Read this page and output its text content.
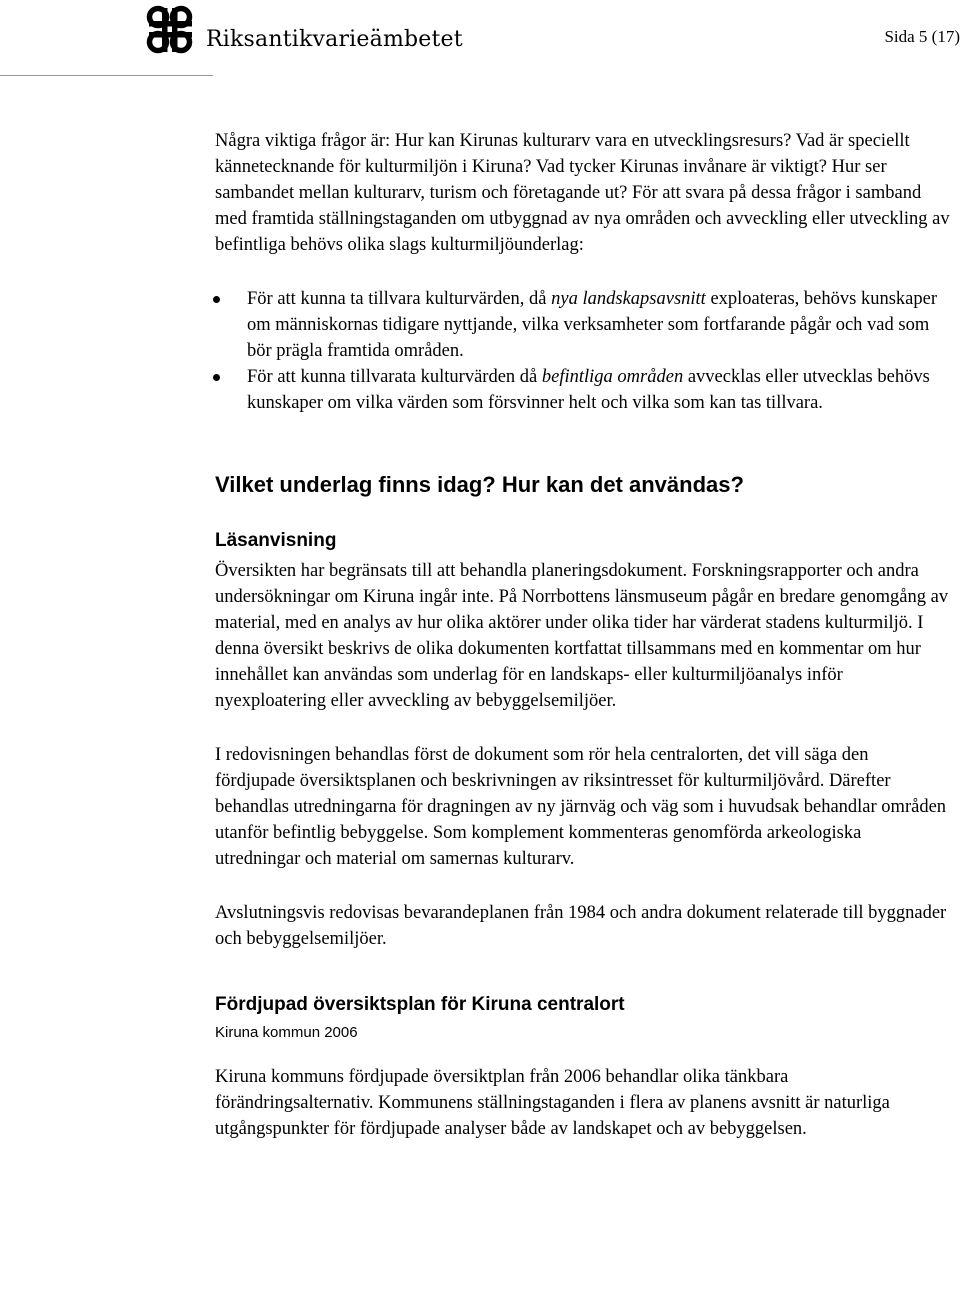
Riksantikvarieämbetet	Sida 5 (17)

Några viktiga frågor är: Hur kan Kirunas kulturarv vara en utvecklingsresurs? Vad är speciellt kännetecknande för kulturmiljön i Kiruna? Vad tycker Kirunas invånare är viktigt? Hur ser sambandet mellan kulturarv, turism och företagande ut? För att svara på dessa frågor i samband med framtida ställningstaganden om utbyggnad av nya områden och avveckling eller utveckling av befintliga behövs olika slags kulturmiljöunderlag:

För att kunna ta tillvara kulturvärden, då nya landskapsavsnitt exploateras, behövs kunskaper om människornas tidigare nyttjande, vilka verksamheter som fortfarande pågår och vad som bör prägla framtida områden.
För att kunna tillvarata kulturvärden då befintliga områden avvecklas eller utvecklas behövs kunskaper om vilka värden som försvinner helt och vilka som kan tas tillvara.
Vilket underlag finns idag? Hur kan det användas?
Läsanvisning

Översikten har begränsats till att behandla planeringsdokument. Forskningsrapporter och andra undersökningar om Kiruna ingår inte. På Norrbottens länsmuseum pågår en bredare genomgång av material, med en analys av hur olika aktörer under olika tider har värderat stadens kulturmiljö. I denna översikt beskrivs de olika dokumenten kortfattat tillsammans med en kommentar om hur innehållet kan användas som underlag för en landskaps- eller kulturmiljöanalys inför nyexploatering eller avveckling av bebyggelsemiljöer.

I redovisningen behandlas först de dokument som rör hela centralorten, det vill säga den fördjupade översiktsplanen och beskrivningen av riksintresset för kulturmiljövård. Därefter behandlas utredningarna för dragningen av ny järnväg och väg som i huvudsak behandlar områden utanför befintlig bebyggelse. Som komplement kommenteras genomförda arkeologiska utredningar och material om samernas kulturarv.

Avslutningsvis redovisas bevarandeplanen från 1984 och andra dokument relaterade till byggnader och bebyggelsemiljöer.

Fördjupad översiktsplan för Kiruna centralort
Kiruna kommun 2006

Kiruna kommuns fördjupade översiktplan från 2006 behandlar olika tänkbara förändringsalternativ. Kommunens ställningstaganden i flera av planens avsnitt är naturliga utgångspunkter för fördjupade analyser både av landskapet och av bebyggelsen.
